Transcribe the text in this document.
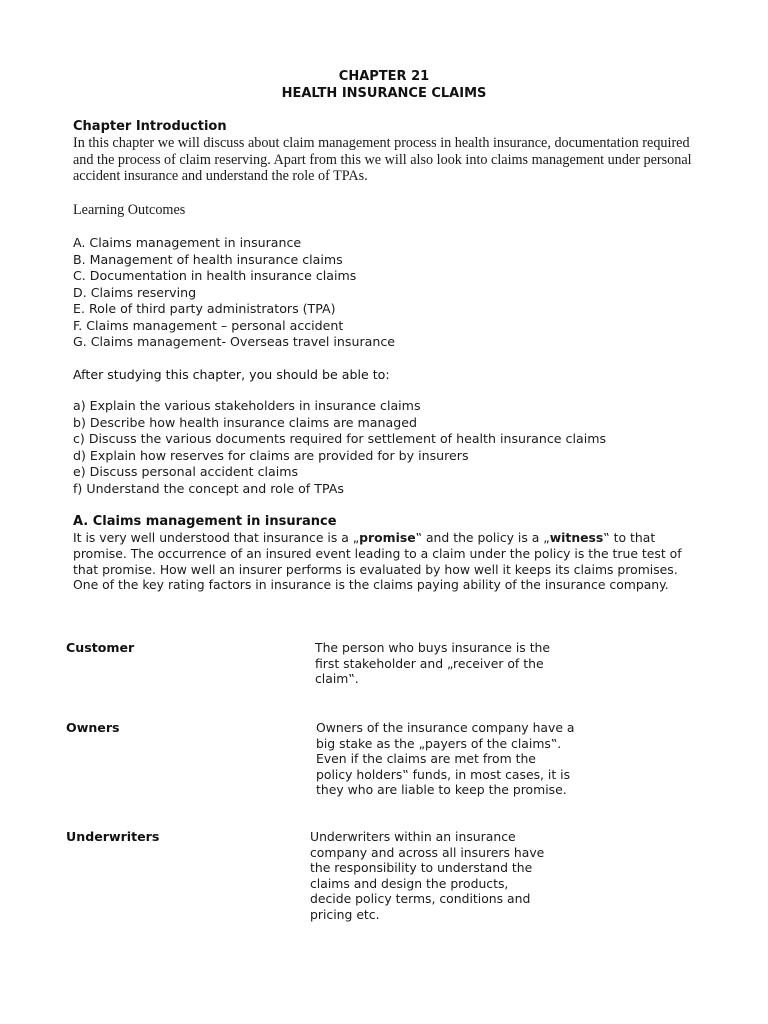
CHAPTER 21
HEALTH INSURANCE CLAIMS

Chapter Introduction

In this chapter we will discuss about claim management process in health insurance, documentation required and the process of claim reserving. Apart from this we will also look into claims management under personal accident insurance and understand the role of TPAs.

Learning Outcomes
A. Claims management in insurance
B. Management of health insurance claims
C. Documentation in health insurance claims
D. Claims reserving
E. Role of third party administrators (TPA)
F. Claims management – personal accident
G. Claims management- Overseas travel insurance

After studying this chapter, you should be able to:

a) Explain the various stakeholders in insurance claims
b) Describe how health insurance claims are managed
c) Discuss the various documents required for settlement of health insurance claims
d) Explain how reserves for claims are provided for by insurers
e) Discuss personal accident claims
f) Understand the concept and role of TPAs

A. Claims management in insurance

It is very well understood that insurance is a „promise‟ and the policy is a „witness‟ to that promise. The occurrence of an insured event leading to a claim under the policy is the true test of that promise. How well an insurer performs is evaluated by how well it keeps its claims promises. One of the key rating factors in insurance is the claims paying ability of the insurance company.

Customer	The person who buys insurance is the first stakeholder and „receiver of the claim‟.

Owners	Owners of the insurance company have a big stake as the „payers of the claims‟. Even if the claims are met from the policy holders‟ funds, in most cases, it is they who are liable to keep the promise.

Underwriters	Underwriters within an insurance company and across all insurers have the responsibility to understand the claims and design the products, decide policy terms, conditions and pricing etc.
